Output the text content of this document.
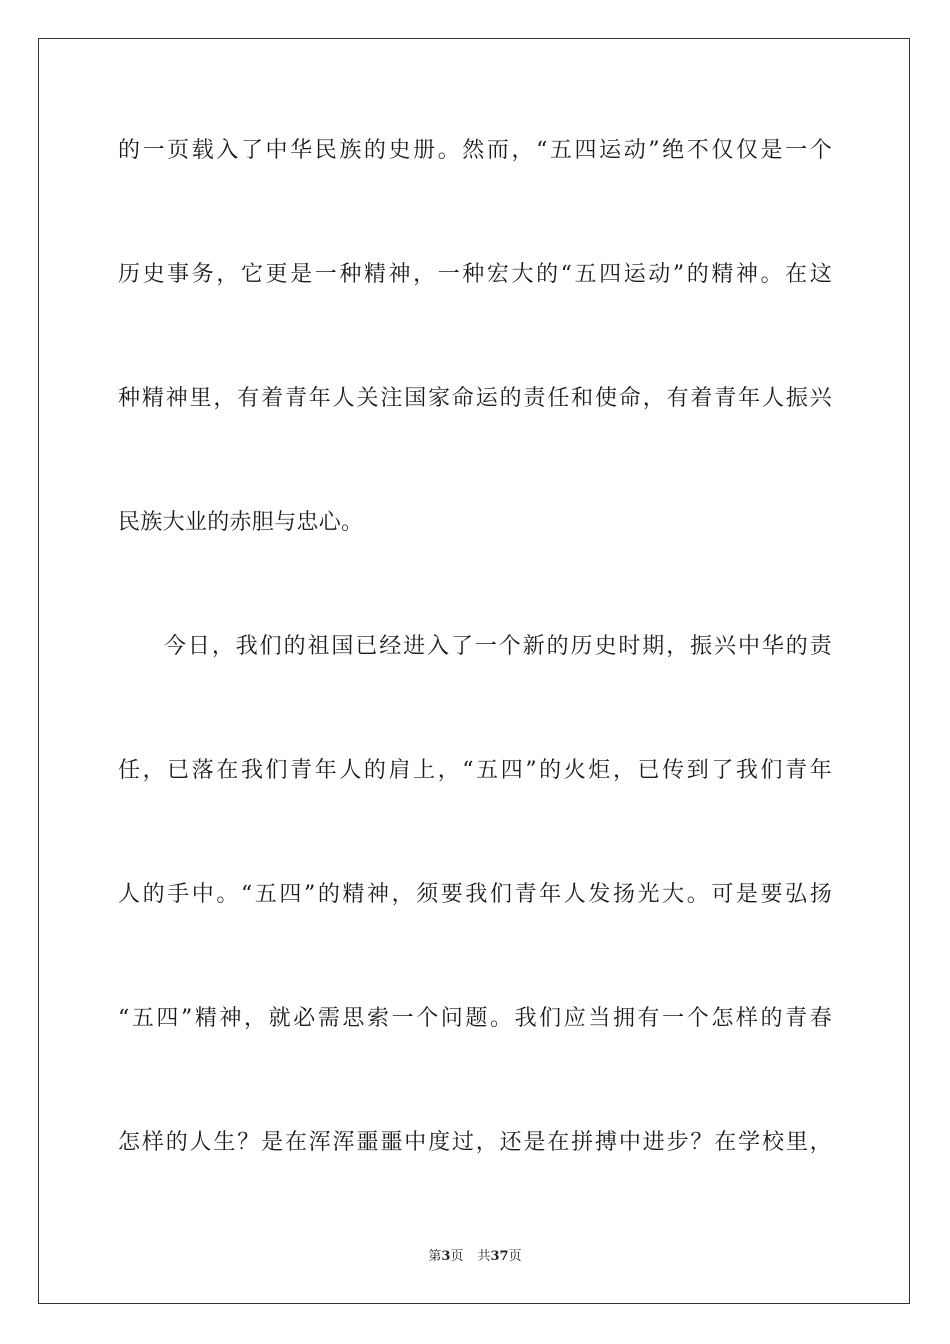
的一页载入了中华民族的史册。然而，“五四运动”绝不仅仅是一个
历史事务，它更是一种精神，一种宏大的“五四运动”的精神。在这
种精神里，有着青年人关注国家命运的责任和使命，有着青年人振兴
民族大业的赤胆与忠心。
今日，我们的祖国已经进入了一个新的历史时期，振兴中华的责
任，已落在我们青年人的肩上，“五四”的火炬，已传到了我们青年
人的手中。“五四”的精神，须要我们青年人发扬光大。可是要弘扬
“五四”精神，就必需思索一个问题。我们应当拥有一个怎样的青春
怎样的人生？是在浑浑噩噩中度过，还是在拼搏中进步？在学校里，
第3页 共37页
